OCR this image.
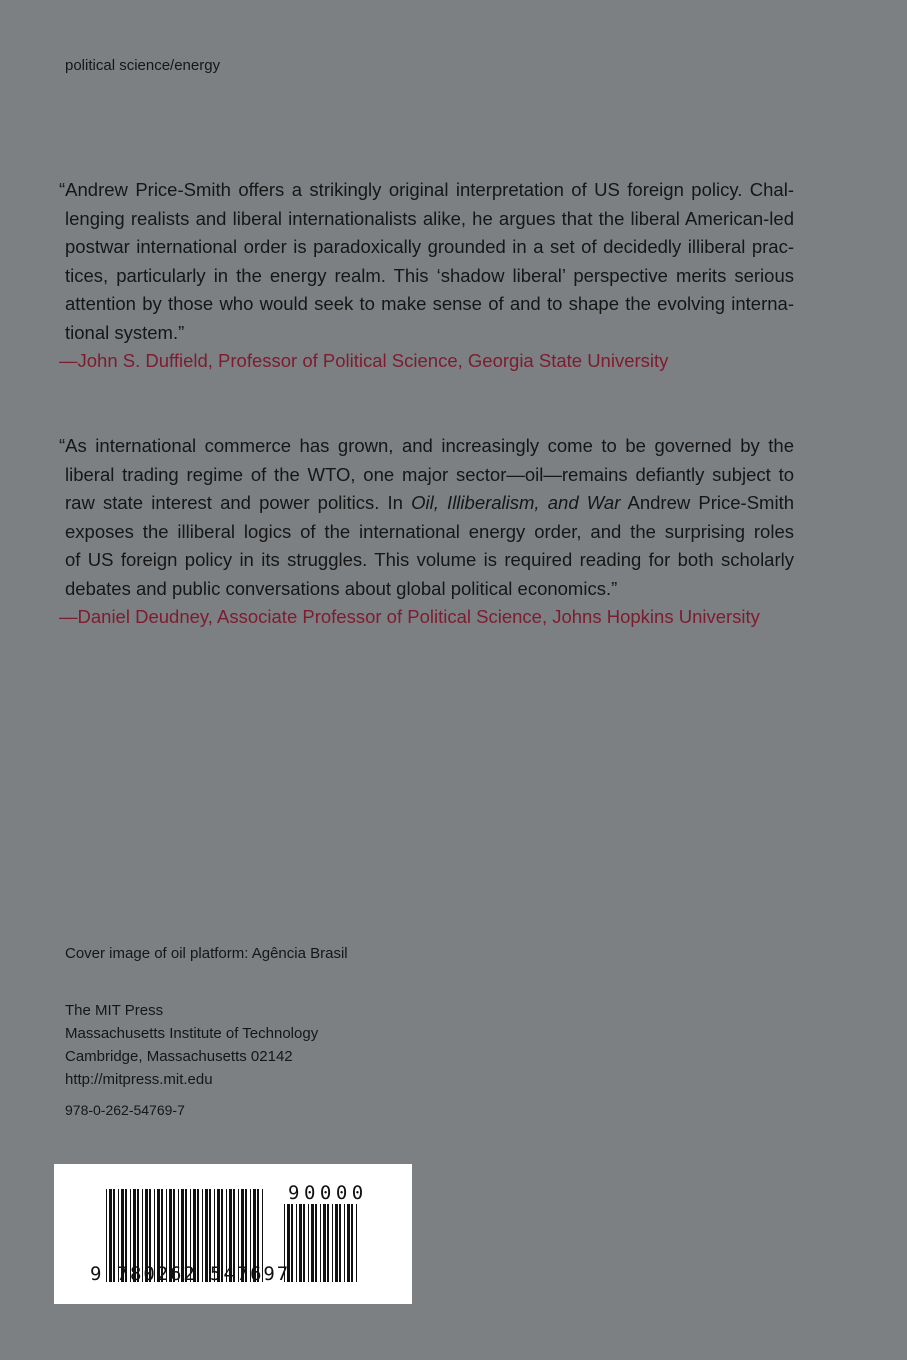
political science/energy
“Andrew Price-Smith offers a strikingly original interpretation of US foreign policy. Chal-
lenging realists and liberal internationalists alike, he argues that the liberal American-led
postwar international order is paradoxically grounded in a set of decidedly illiberal prac-
tices, particularly in the energy realm. This ‘shadow liberal’ perspective merits serious
attention by those who would seek to make sense of and to shape the evolving interna-
tional system.”
—John S. Duffield, Professor of Political Science, Georgia State University
“As international commerce has grown, and increasingly come to be governed by the
liberal trading regime of the WTO, one major sector—oil—remains defiantly subject to
raw state interest and power politics. In Oil, Illiberalism, and War Andrew Price-Smith
exposes the illiberal logics of the international energy order, and the surprising roles
of US foreign policy in its struggles. This volume is required reading for both scholarly
debates and public conversations about global political economics.”
—Daniel Deudney, Associate Professor of Political Science, Johns Hopkins University
Cover image of oil platform: Agência Brasil
The MIT Press
Massachusetts Institute of Technology
Cambridge, Massachusetts 02142
http://mitpress.mit.edu
978-0-262-54769-7
9 780262 547697
90000
